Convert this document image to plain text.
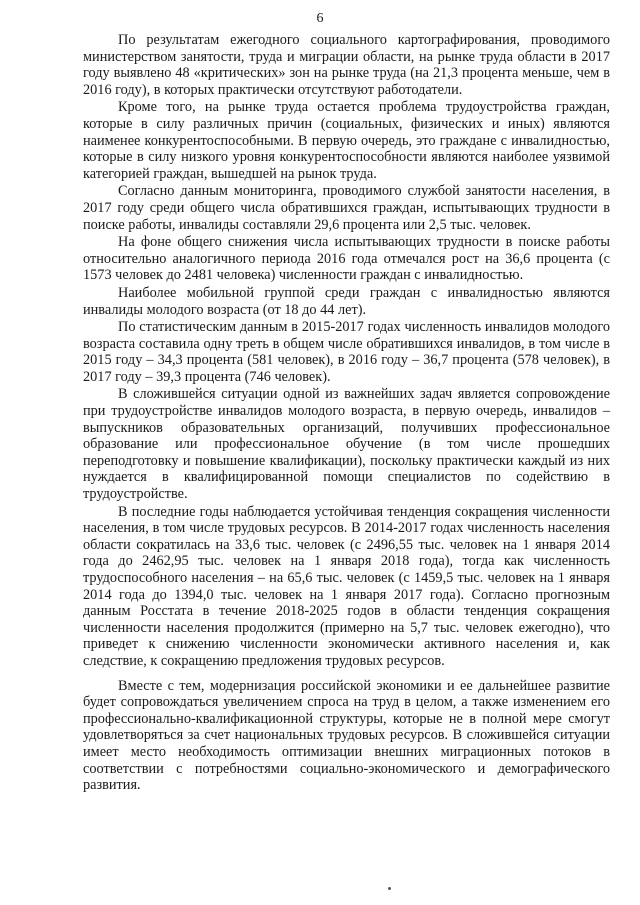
6

По результатам ежегодного социального картографирования, проводимого министерством занятости, труда и миграции области, на рынке труда области в 2017 году выявлено 48 «критических» зон на рынке труда (на 21,3 процента меньше, чем в 2016 году), в которых практически отсутствуют работодатели.

Кроме того, на рынке труда остается проблема трудоустройства граждан, которые в силу различных причин (социальных, физических и иных) являются наименее конкурентоспособными. В первую очередь, это граждане с инвалидностью, которые в силу низкого уровня конкурентоспособности являются наиболее уязвимой категорией граждан, вышедшей на рынок труда.

Согласно данным мониторинга, проводимого службой занятости населения, в 2017 году среди общего числа обратившихся граждан, испытывающих трудности в поиске работы, инвалиды составляли 29,6 процента или 2,5 тыс. человек.

На фоне общего снижения числа испытывающих трудности в поиске работы относительно аналогичного периода 2016 года отмечался рост на 36,6 процента (с 1573 человек до 2481 человека) численности граждан с инвалидностью.

Наиболее мобильной группой среди граждан с инвалидностью являются инвалиды молодого возраста (от 18 до 44 лет).

По статистическим данным в 2015-2017 годах численность инвалидов молодого возраста составила одну треть в общем числе обратившихся инвалидов, в том числе в 2015 году – 34,3 процента (581 человек), в 2016 году – 36,7 процента (578 человек), в 2017 году – 39,3 процента (746 человек).

В сложившейся ситуации одной из важнейших задач является сопровождение при трудоустройстве инвалидов молодого возраста, в первую очередь, инвалидов – выпускников образовательных организаций, получивших профессиональное образование или профессиональное обучение (в том числе прошедших переподготовку и повышение квалификации), поскольку практически каждый из них нуждается в квалифицированной помощи специалистов по содействию в трудоустройстве.

В последние годы наблюдается устойчивая тенденция сокращения численности населения, в том числе трудовых ресурсов. В 2014-2017 годах численность населения области сократилась на 33,6 тыс. человек (с 2496,55 тыс. человек на 1 января 2014 года до 2462,95 тыс. человек на 1 января 2018 года), тогда как численность трудоспособного населения – на 65,6 тыс. человек (с 1459,5 тыс. человек на 1 января 2014 года до 1394,0 тыс. человек на 1 января 2017 года). Согласно прогнозным данным Росстата в течение 2018-2025 годов в области тенденция сокращения численности населения продолжится (примерно на 5,7 тыс. человек ежегодно), что приведет к снижению численности экономически активного населения и, как следствие, к сокращению предложения трудовых ресурсов.

Вместе с тем, модернизация российской экономики и ее дальнейшее развитие будет сопровождаться увеличением спроса на труд в целом, а также изменением его профессионально-квалификационной структуры, которые не в полной мере смогут удовлетворяться за счет национальных трудовых ресурсов. В сложившейся ситуации имеет место необходимость оптимизации внешних миграционных потоков в соответствии с потребностями социально-экономического и демографического развития.
